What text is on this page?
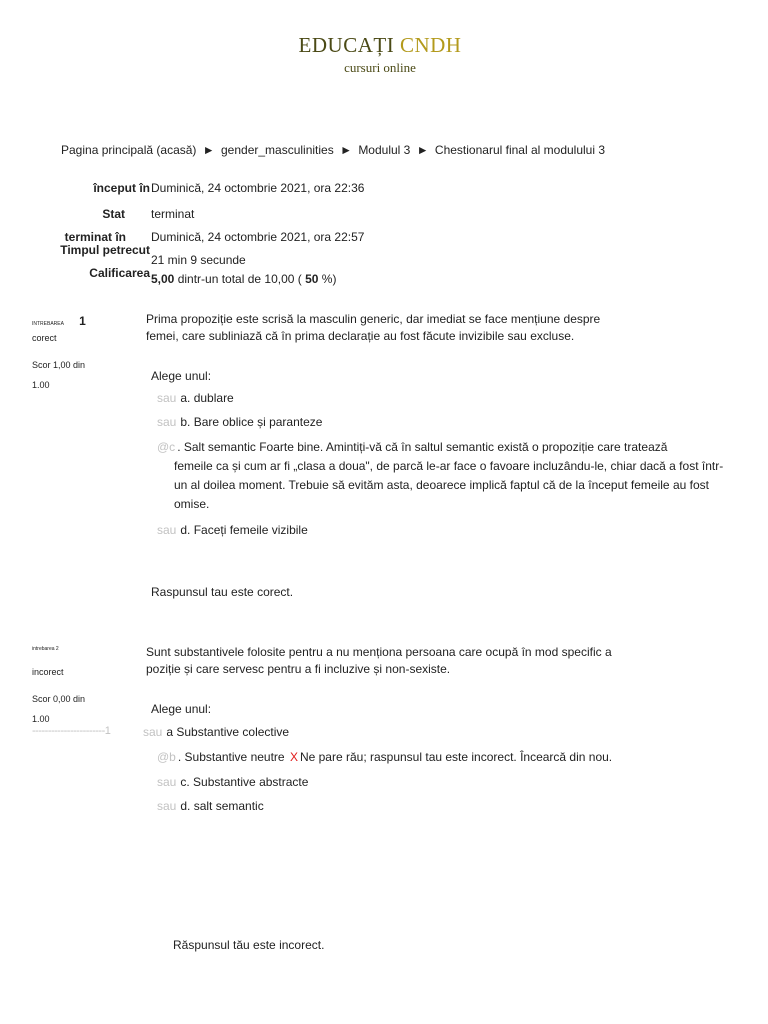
EDUCAȚI CNDH
cursuri online
Pagina principală (acasă) ► gender_masculinities ► Modulul 3 ► Chestionarul final al modulului 3
început în Duminică, 24 octombrie 2021, ora 22:36
Stat terminat
terminat în Duminică, 24 octombrie 2021, ora 22:57
Timpul petrecut
21 min 9 secunde
Calificarea 5,00 dintr-un total de 10,00 ( 50 %)
INTREBAREA 1
corect
Scor 1,00 din
1.00
Prima propoziție este scrisă la masculin generic, dar imediat se face mențiune despre femei, care subliniază că în prima declarație au fost făcute invizibile sau excluse.
Alege unul:
sau a. dublare
sau b. Bare oblice și paranteze
@c . Salt semantic Foarte bine. Amintiți-vă că în saltul semantic există o propoziție care tratează
femeile ca și cum ar fi „clasa a doua", de parcă le-ar face o favoare incluzându-le, chiar dacă a fost într-un al doilea moment. Trebuie să evităm asta, deoarece implică faptul că de la început femeile au fost omise.
sau d. Faceți femeile vizibile
Raspunsul tau este corect.
intrebarea 2
incorect
Scor 0,00 din
1.00
Sunt substantivele folosite pentru a nu menționa persoana care ocupă în mod specific a poziție și care servesc pentru a fi incluzive și non-sexiste.
Alege unul:
-----------------------1	sau a Substantive colective
@b . Substantive neutre X Ne pare rău; raspunsul tau este incorect. Încearcă din nou.
sau c. Substantive abstracte
sau d. salt semantic
Răspunsul tău este incorect.
